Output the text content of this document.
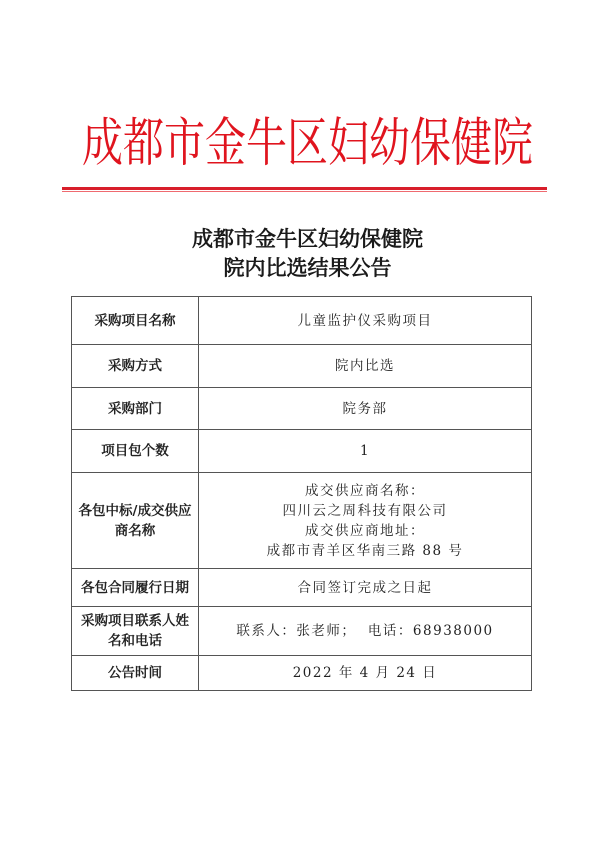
成都市金牛区妇幼保健院
成都市金牛区妇幼保健院
院内比选结果公告
采购项目名称	儿童监护仪采购项目
采购方式	院内比选
采购部门	院务部
项目包个数	1
各包中标/成交供应商名称	成交供应商名称：
四川云之周科技有限公司
成交供应商地址：
成都市青羊区华南三路 88 号

各包合同履行日期	合同签订完成之日起
采购项目联系人姓名和电话	联系人：张老师；  电话：68938000
公告时间	2022 年 4 月 24 日
